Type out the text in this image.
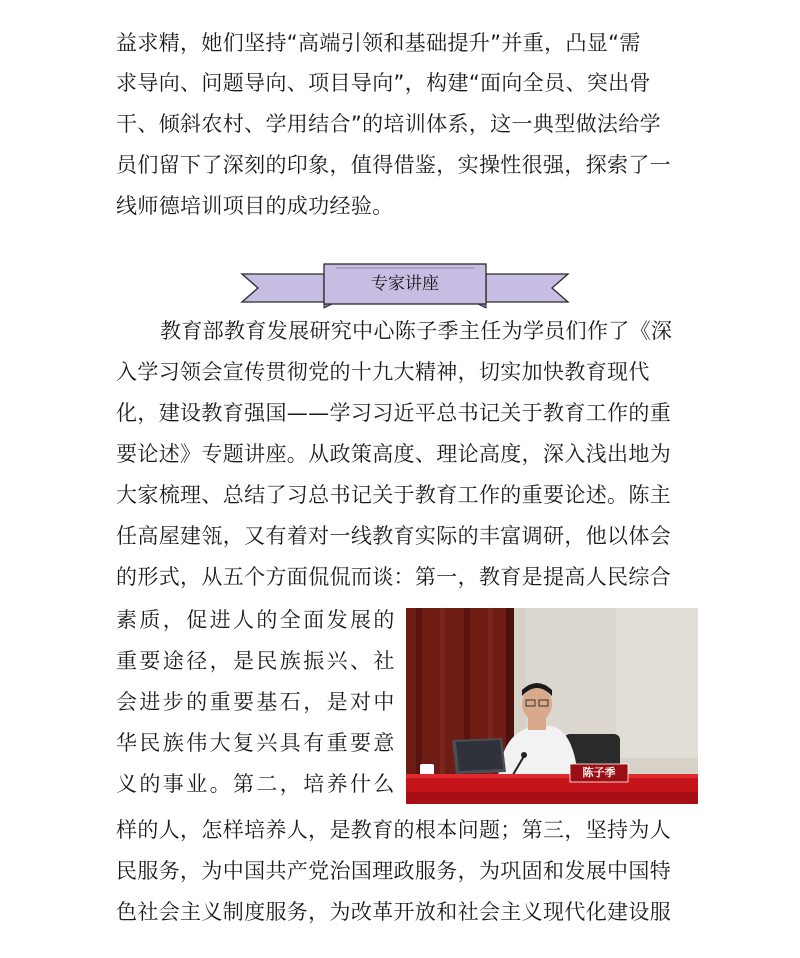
益求精，她们坚持“高端引领和基础提升”并重，凸显“需
求导向、问题导向、项目导向”，构建“面向全员、突出骨
干、倾斜农村、学用结合”的培训体系，这一典型做法给学
员们留下了深刻的印象，值得借鉴，实操性很强，探索了一
线师德培训项目的成功经验。
专家讲座
教育部教育发展研究中心陈子季主任为学员们作了《深
入学习领会宣传贯彻党的十九大精神，切实加快教育现代
化，建设教育强国——学习习近平总书记关于教育工作的重
要论述》专题讲座。从政策高度、理论高度，深入浅出地为
大家梳理、总结了习总书记关于教育工作的重要论述。陈主
任高屋建瓴，又有着对一线教育实际的丰富调研，他以体会
的形式，从五个方面侃侃而谈：第一，教育是提高人民综合
素质，促进人的全面发展的
重要途径，是民族振兴、社
会进步的重要基石，是对中
华民族伟大复兴具有重要意
义的事业。第二，培养什么
样的人，怎样培养人，是教育的根本问题；第三，坚持为人
民服务，为中国共产党治国理政服务，为巩固和发展中国特
色社会主义制度服务，为改革开放和社会主义现代化建设服
陈子季
